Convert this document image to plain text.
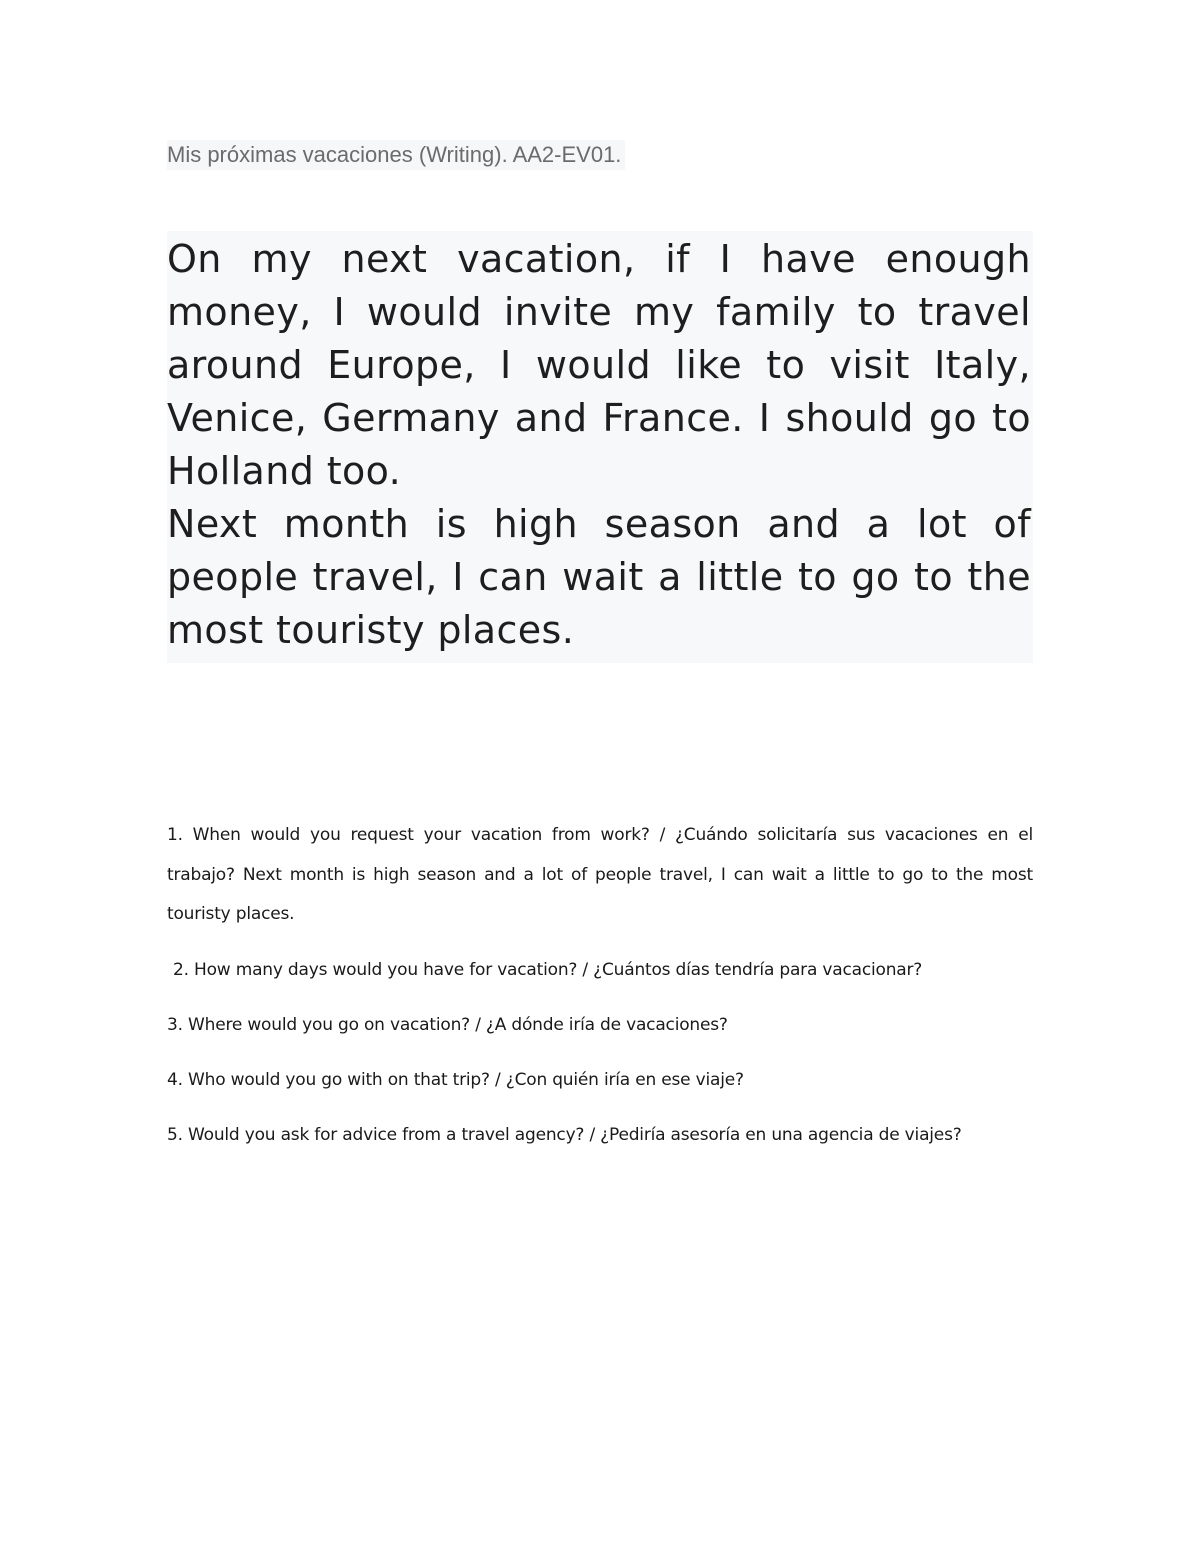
Mis próximas vacaciones (Writing). AA2-EV01.

On my next vacation, if I have enough money, I would invite my family to travel around Europe, I would like to visit Italy, Venice, Germany and France. I should go to Holland too.

Next month is high season and a lot of people travel, I can wait a little to go to the most touristy places.

1. When would you request your vacation from work? / ¿Cuándo solicitaría sus vacaciones en el trabajo? Next month is high season and a lot of people travel, I can wait a little to go to the most touristy places.

2. How many days would you have for vacation? / ¿Cuántos días tendría para vacacionar?

3. Where would you go on vacation? / ¿A dónde iría de vacaciones?

4. Who would you go with on that trip? / ¿Con quién iría en ese viaje?

5. Would you ask for advice from a travel agency? / ¿Pediría asesoría en una agencia de viajes?
